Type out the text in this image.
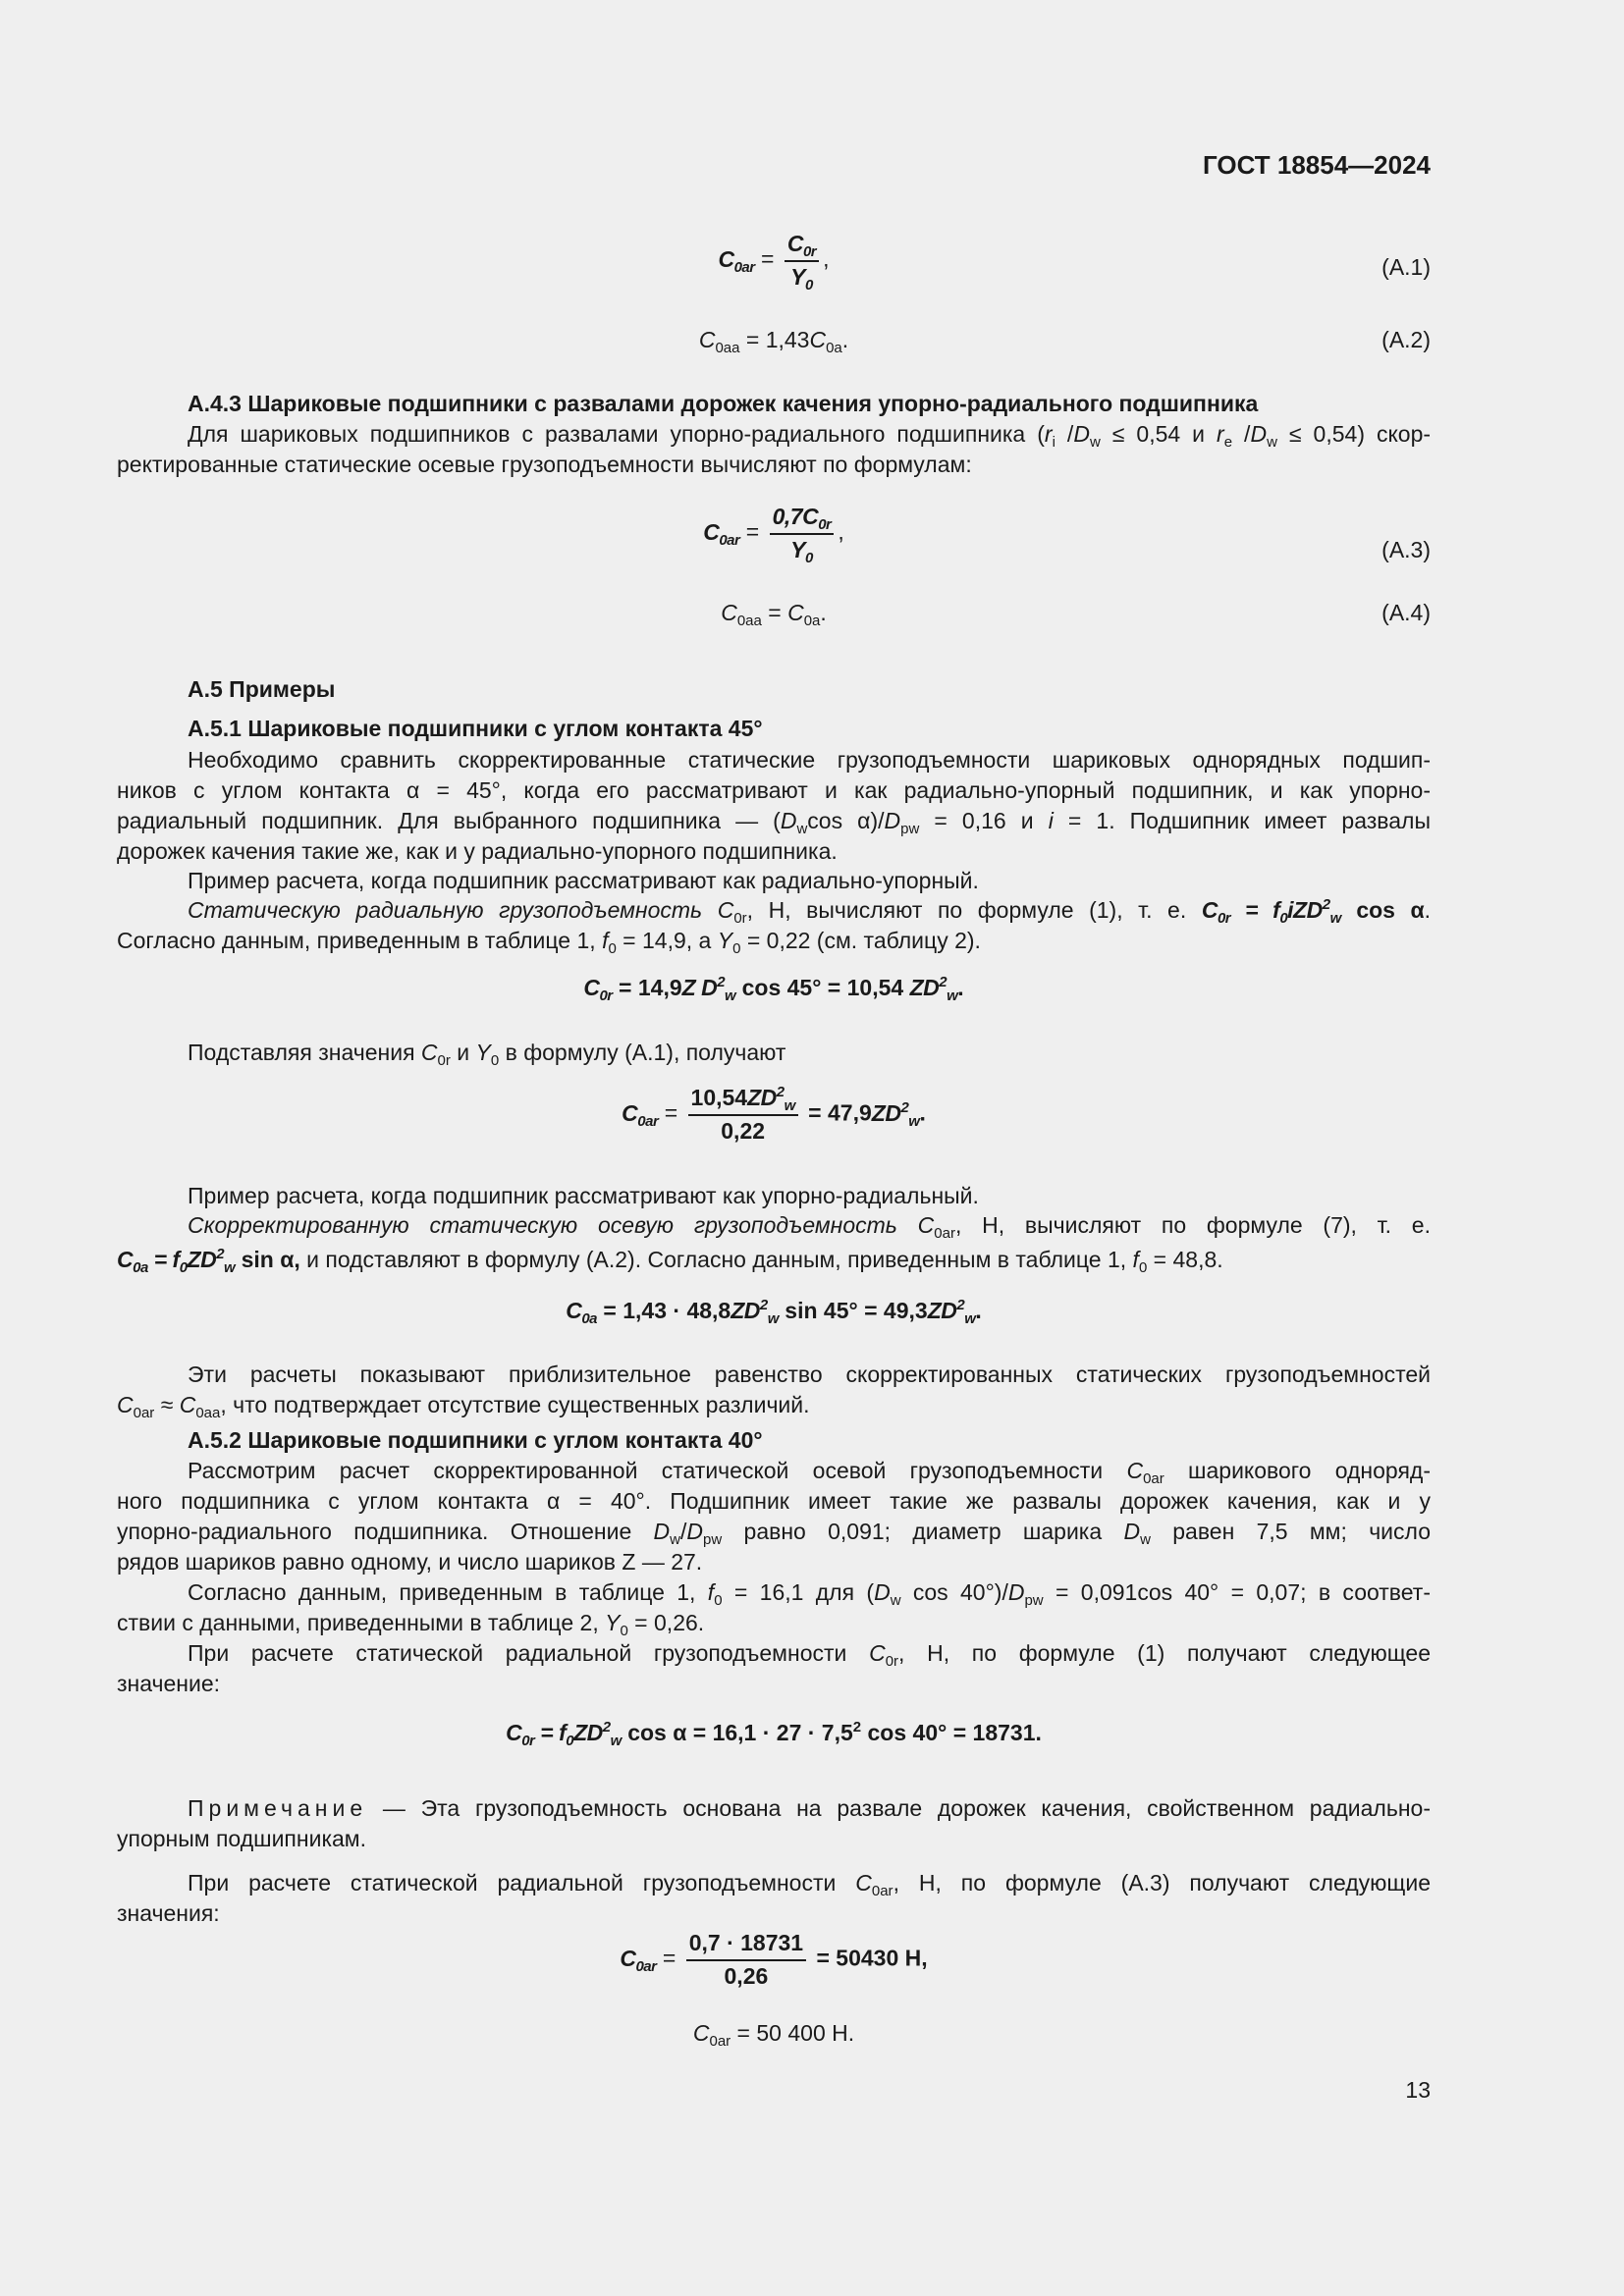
ГОСТ 18854—2024
$C_{0ar} = \frac{C_{0r}}{Y_0}$ ,	(А.1)
$C_{0aa} = 1,43C_{0a}$.	(А.2)
А.4.3 Шариковые подшипники с развалами дорожек качения упорно-радиального подшипника
Для шариковых подшипников с развалами упорно-радиального подшипника ($r_i$ $/D_w \le 0,54$ и $r_e$ $/D_w \le 0,54$) скор-
ректированные статические осевые грузоподъемности вычисляют по формулам:
$C_{0ar} = \frac{0,7C_{0r}}{Y_0}$ ,
(А.3)
$C_{0aa} = C_{0a}$.	(А.4)
А.5 Примеры
А.5.1 Шариковые подшипники с углом контакта 45°
Необходимо сравнить скорректированные статические грузоподъемности шариковых однорядных подшип-
ников с углом контакта α = 45°, когда его рассматривают и как радиально-упорный подшипник, и как упорно-
радиальный подшипник. Для выбранного подшипника — ($D_w\cos$ $\alpha)/D_{pw} = 0,16$ и i = 1. Подшипник имеет развалы
дорожек качения такие же, как и у радиально-упорного подшипника.
Пример расчета, когда подшипник рассматривают как радиально-упорный.
Статическую радиальную грузоподъемность $C_{0r}$, Н, вычисляют по формуле (1), т. е. $C_{0r} = f_0iZD^2_w$ cos α.
Согласно данным, приведенным в таблице 1, $f_0 = 14,9$, а $Y_0 = 0,22$ (см. таблицу 2).
$C_{0r} = 14,9Z$ $D^2_w$ cos 45° = 10,54 $ZD^2_w$.
Подставляя значения $C_{0r}$ и $Y_0$ в формулу (А.1), получают
$C_{0ar} = \frac{10,54ZD^2_w}{0,22} = 47,9ZD^2_w$.
Пример расчета, когда подшипник рассматривают как упорно-радиальный.
Скорректированную статическую осевую грузоподъемность $C_{0ar}$, Н, вычисляют по формуле (7), т. е.
$C_{0a} = f_0ZD^2_w$ sin α, и подставляют в формулу (А.2). Согласно данным, приведенным в таблице 1, $f_0 = 48,8$.
$C_{0a} = 1,43 \cdot 48,8ZD^2_w$ $\sin 45^\circ = 49,3ZD^2_w$.
Эти расчеты показывают приблизительное равенство скорректированных статических грузоподъемностей
$C_{0ar} \approx C_{0aa}$, что подтверждает отсутствие существенных различий.
А.5.2 Шариковые подшипники с углом контакта 40°
Рассмотрим расчет скорректированной статической осевой грузоподъемности $C_{0ar}$ шарикового одноряд-
ного подшипника с углом контакта α = 40°. Подшипник имеет такие же развалы дорожек качения, как и у
упорно-радиального подшипника. Отношение $D_w/D_{pw}$ равно 0,091; диаметр шарика $D_w$ равен 7,5 мм; число
рядов шариков равно одному, и число шариков Z — 27.
Согласно данным, приведенным в таблице 1, $f_0 = 16,1$ для ($D_w$ $\cos 40^\circ)/D_{pw} = 0,091\cos$ 40° = 0,07; в соответ-
ствии с данными, приведенными в таблице 2, $Y_0 = 0,26$.
При расчете статической радиальной грузоподъемности $C_{0r}$, Н, по формуле (1) получают следующее
значение:
$C_{0r} = f_0ZD^2_w$ $\cos \alpha = 16,1 \cdot 27 \cdot 7,5^2$ cos 40° = 18731.
Примечание — Эта грузоподъемность основана на развале дорожек качения, свойственном радиально-
упорным подшипникам.
При расчете статической радиальной грузоподъемности $C_{0ar}$, Н, по формуле (А.3) получают следующие
значения:
$C_{0ar} = \frac{0,7 \cdot 18731}{0,26} = 50430$ Н,
$C_{0ar} = 50$ 400 Н.
13
